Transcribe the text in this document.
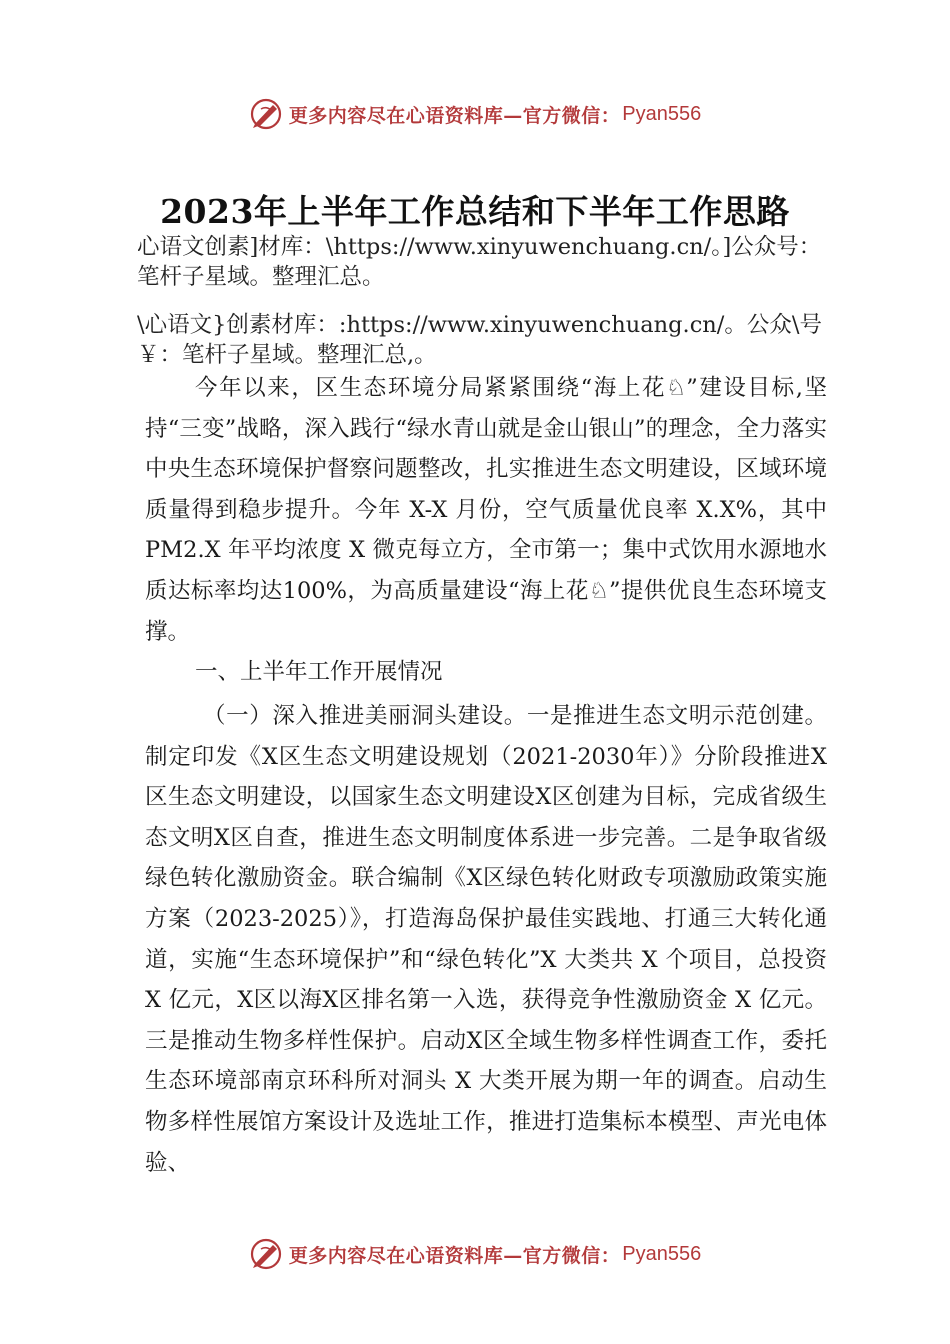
更多内容尽在心语资料库—官方微信： Pyan556
2023年上半年工作总结和下半年工作思路
心语文创素]材库：\https://www.xinyuwenchuang.cn/。]公众号：笔杆子星域。整理汇总。
\心语文}创素材库：:https://www.xinyuwenchuang.cn/。公众\号￥：笔杆子星域。整理汇总,。
今年以来，区生态环境分局紧紧围绕“海上花♘”建设目标,坚持“三变”战略，深入践行“绿水青山就是金山银山”的理念，全力落实中央生态环境保护督察问题整改，扎实推进生态文明建设，区域环境质量得到稳步提升。今年 X-X 月份，空气质量优良率 X.X%，其中 PM2.X 年平均浓度 X 微克每立方，全市第一；集中式饮用水源地水质达标率均达100%，为高质量建设“海上花♘”提供优良生态环境支撑。
一、上半年工作开展情况
（一）深入推进美丽洞头建设。一是推进生态文明示范创建。制定印发《X区生态文明建设规划（2021-2030年）》分阶段推进X区生态文明建设，以国家生态文明建设X区创建为目标，完成省级生态文明X区自查，推进生态文明制度体系进一步完善。二是争取省级绿色转化激励资金。联合编制《X区绿色转化财政专项激励政策实施方案（2023-2025）》，打造海岛保护最佳实践地、打通三大转化通道，实施“生态环境保护”和“绿色转化”X 大类共 X 个项目，总投资 X 亿元，X区以海X区排名第一入选，获得竞争性激励资金 X 亿元。三是推动生物多样性保护。启动X区全域生物多样性调查工作，委托生态环境部南京环科所对洞头 X 大类开展为期一年的调查。启动生物多样性展馆方案设计及选址工作，推进打造集标本模型、声光电体验、
更多内容尽在心语资料库—官方微信： Pyan556
